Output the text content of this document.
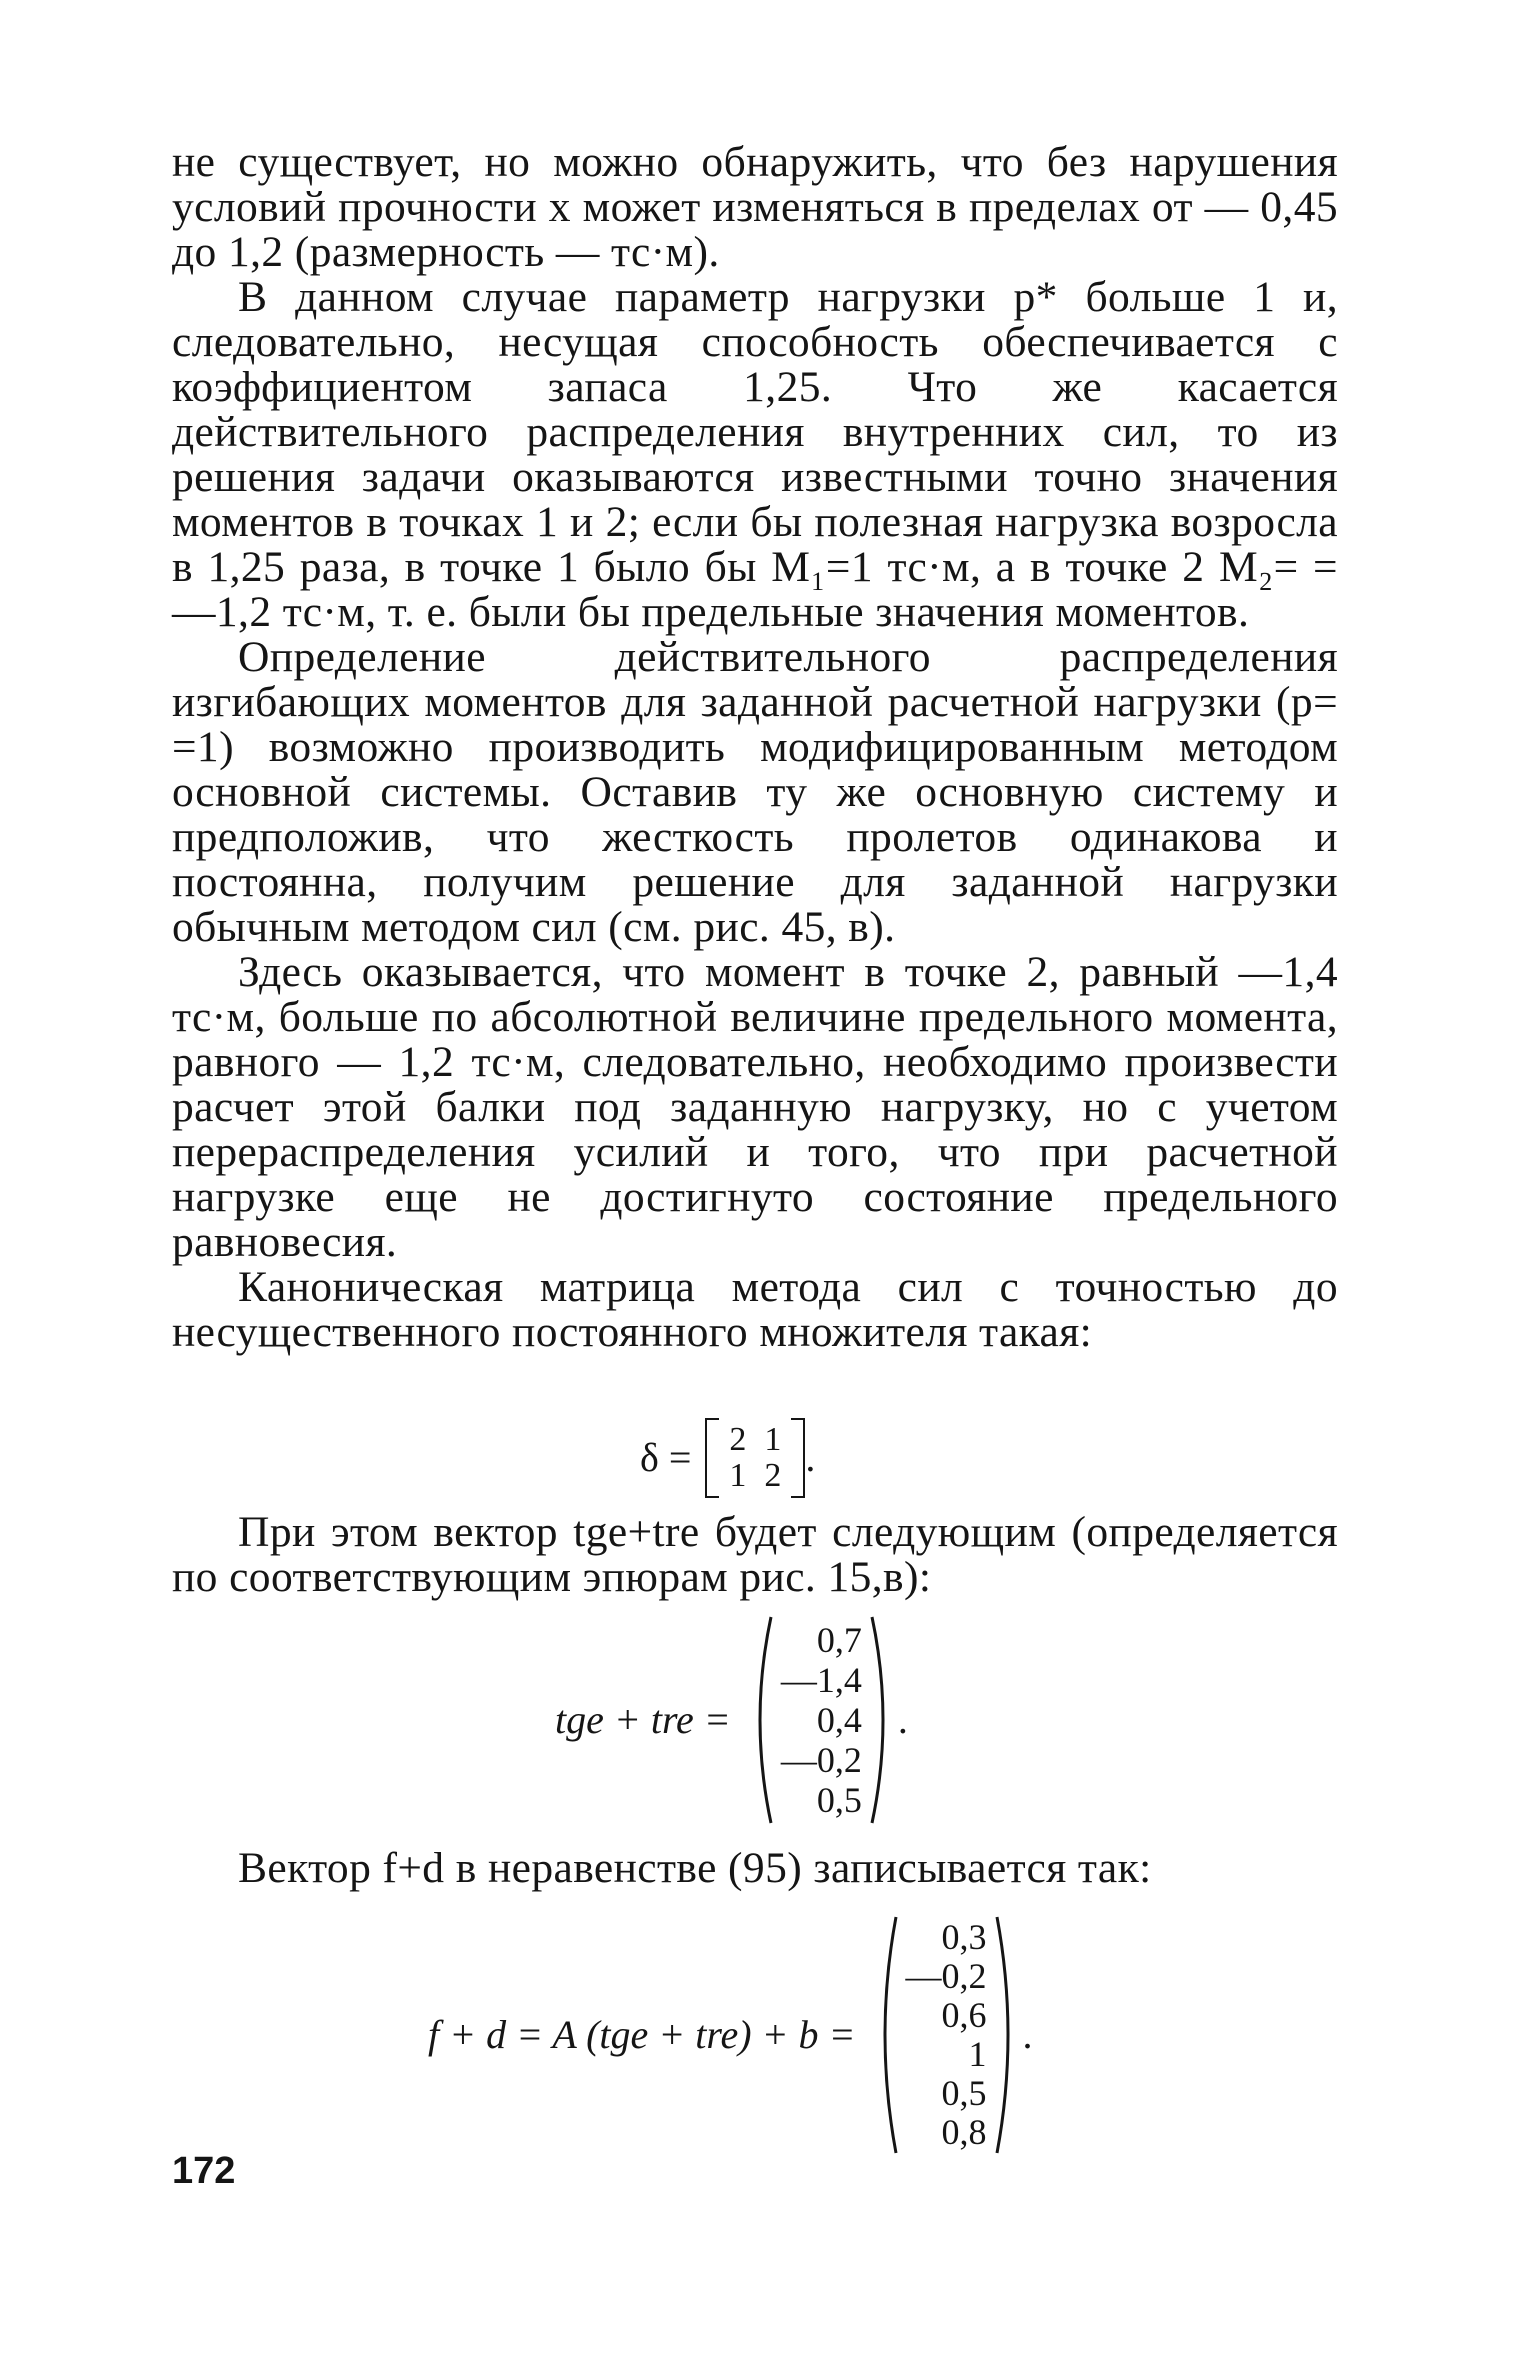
не существует, но можно обнаружить, что без нарушения условий прочности x может изменяться в пределах от — 0,45 до 1,2 (размерность — тс·м).

В данном случае параметр нагрузки p* больше 1 и, следовательно, несущая способность обеспечивается с коэффициентом запаса 1,25. Что же касается действительного распределения внутренних сил, то из решения задачи оказываются известными точно значения моментов в точках 1 и 2; если бы полезная нагрузка возросла в 1,25 раза, в точке 1 было бы M₁=1 тс·м, а в точке 2 M₂= = —1,2 тс·м, т. е. были бы предельные значения моментов.

Определение действительного распределения изгибающих моментов для заданной расчетной нагрузки (p= =1) возможно производить модифицированным методом основной системы. Оставив ту же основную систему и предположив, что жесткость пролетов одинакова и постоянна, получим решение для заданной нагрузки обычным методом сил (см. рис. 45, в).

Здесь оказывается, что момент в точке 2, равный —1,4 тс·м, больше по абсолютной величине предельного момента, равного — 1,2 тс·м, следовательно, необходимо произвести расчет этой балки под заданную нагрузку, но с учетом перераспределения усилий и того, что при расчетной нагрузке еще не достигнуто состояние предельного равновесия.

Каноническая матрица метода сил с точностью до несущественного постоянного множителя такая:

δ =	2 1
1 2 .

При этом вектор tge+tre будет следующим (определяется по соответствующим эпюрам рис. 15,в):

tge + tre =
0,7
—1,4
0,4
—0,2
0,5
.

Вектор f+d в неравенстве (95) записывается так:

f + d = A (tge + tre) + b =
0,3
—0,2
0,6
1
0,5
0,8
.
172
